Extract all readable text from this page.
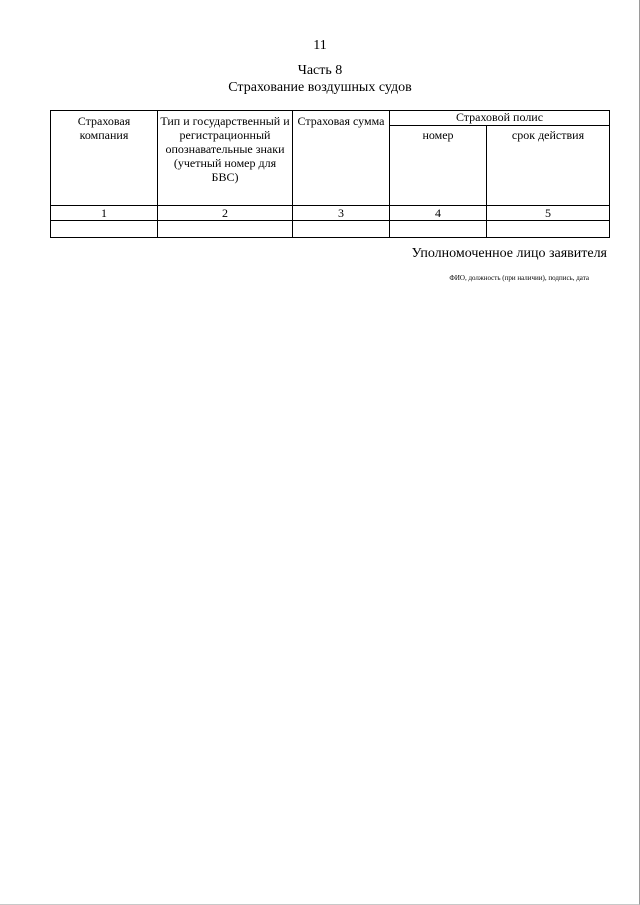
11
Часть 8
Страхование воздушных судов
Страховая компания	Тип и государственный и регистрационный опознавательные знаки (учетный номер для БВС)	Страховая сумма	Страховой полис	
			номер	срок действия
1	2	3	4	5

Уполномоченное лицо заявителя
ФИО, должность (при наличии), подпись, дата
